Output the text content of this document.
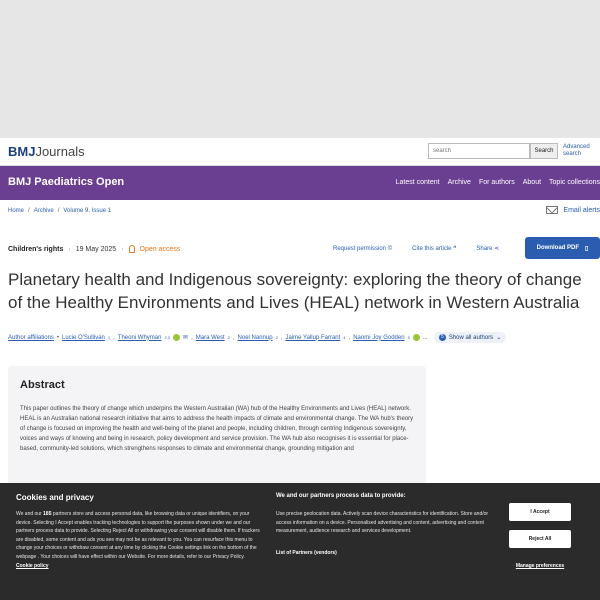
BMJJournals
search	Search
Advanced search
BMJ Paediatrics Open	Latest content Archive For authors About Topic collections
Home / Archive / Volume 9, Issue 1	Email alerts
Children's rights · 19 May 2025 · Open access	Request permission ©	Cite this article ❝	Share ⋖	Download PDF ▯
Planetary health and Indigenous sovereignty: exploring the theory of change of the Healthy Environments and Lives (HEAL) network in Western Australia
Author affiliations • Lucie O'Sullivan 1 , Theoni Whyman 2,3 ✉ , Mara West 2 , Noel Nannup 2 , Jaime Yallup Farrant 4 , Naomi Joy Godden 5 ...	5 Show all authors ⌄
Abstract

This paper outlines the theory of change which underpins the Western Australian (WA) hub of the Healthy Environments and Lives (HEAL) network. HEAL is an Australian national research initiative that aims to address the health impacts of climate and environmental change. The WA hub's theory of change is focused on improving the health and well-being of the planet and people, including children, through centring Indigenous sovereignty, voices and ways of knowing and being in research, policy development and service provision. The WA hub also recognises it is essential for place-based, community-led solutions, which strengthens responses to climate and environmental change, grounding mitigation and

Cookies and privacy

We and our 185 partners store and access personal data, like browsing data or unique identifiers, on your device. Selecting I Accept enables tracking technologies to support the purposes shown under we and our partners process data to provide. Selecting Reject All or withdrawing your consent will disable them. If trackers are disabled, some content and ads you see may not be as relevant to you. You can resurface this menu to change your choices or withdraw consent at any time by clicking the Cookie settings link on the bottom of the webpage . Your choices will have effect within our Website. For more details, refer to our Privacy Policy. Cookie policy

We and our partners process data to provide:

Use precise geolocation data. Actively scan device characteristics for identification. Store and/or access information on a device. Personalised advertising and content, advertising and content measurement, audience research and services development.

List of Partners (vendors)
I Accept
Reject All
Manage preferences
